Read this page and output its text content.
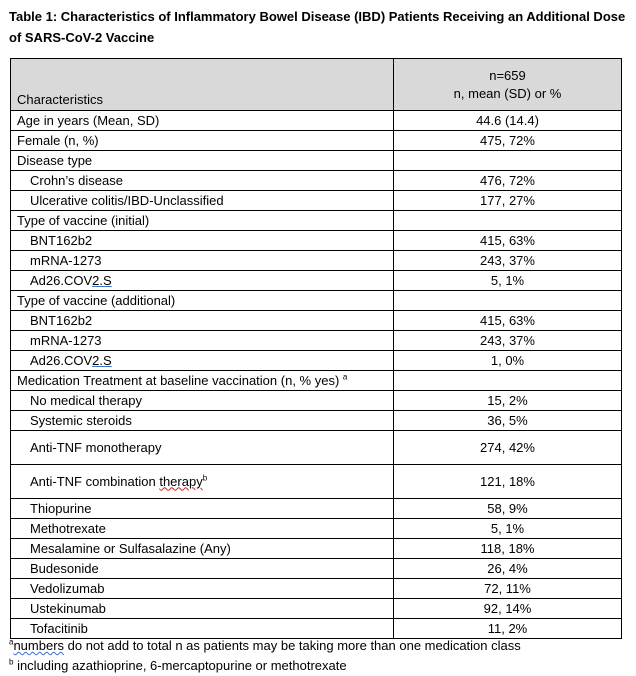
Table 1: Characteristics of Inflammatory Bowel Disease (IBD) Patients Receiving an Additional Dose of SARS-CoV-2 Vaccine
Characteristics	n=659
n, mean (SD) or %

Age in years (Mean, SD)	44.6 (14.4)
Female (n, %)	475, 72%
Disease type	
Crohn’s disease	476, 72%
Ulcerative colitis/IBD-Unclassified	177, 27%
Type of vaccine (initial)	
BNT162b2	415, 63%
mRNA-1273	243, 37%
Ad26.COV2.S	5, 1%
Type of vaccine (additional)	
BNT162b2	415, 63%
mRNA-1273	243, 37%
Ad26.COV2.S	1, 0%
Medication Treatment at baseline vaccination (n, % yes) $^a$	
No medical therapy	15, 2%
Systemic steroids	36, 5%
Anti-TNF monotherapy	274, 42%
Anti-TNF combination therapy$^b$	121, 18%
Thiopurine	58, 9%
Methotrexate	5, 1%
Mesalamine or Sulfasalazine (Any)	118, 18%
Budesonide	26, 4%
Vedolizumab	72, 11%
Ustekinumab	92, 14%
Tofacitinib	11, 2%
$^a$numbers do not add to total n as patients may be taking more than one medication class
$^b$ including azathioprine, 6-mercaptopurine or methotrexate
